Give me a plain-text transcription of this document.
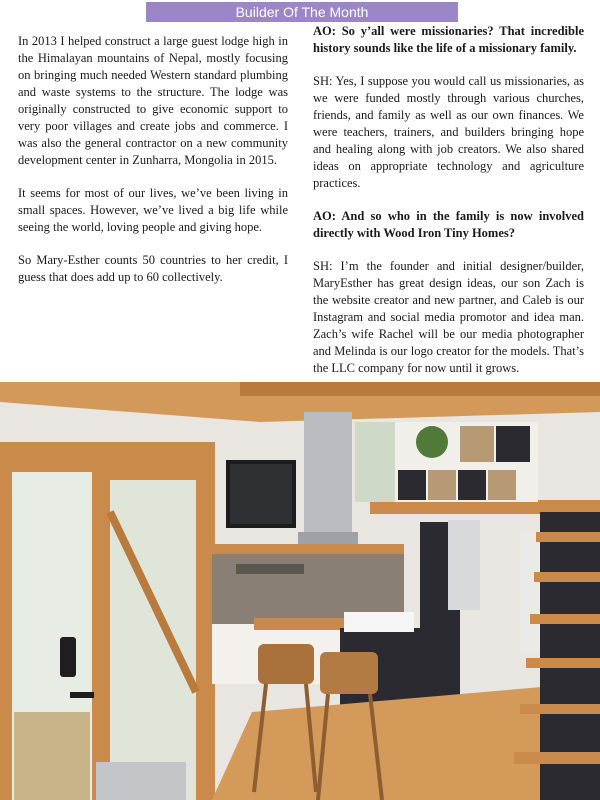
Builder Of The Month

In 2013 I helped construct a large guest lodge high in the Himalayan mountains of Nepal, mostly focusing on bringing much needed Western standard plumbing and waste systems to the structure. The lodge was originally constructed to give economic support to very poor villages and create jobs and commerce. I was also the general contractor on a new community development center in Zunharra, Mongolia in 2015.

It seems for most of our lives, we’ve been living in small spaces. However, we’ve lived a big life while seeing the world, loving people and giving hope.

So Mary-Esther counts 50 countries to her credit, I guess that does add up to 60 collectively.

AO: So y’all were missionaries? That incredible history sounds like the life of a missionary family.

SH: Yes, I suppose you would call us missionaries, as we were funded mostly through various churches, friends, and family as well as our own finances. We were teachers, trainers, and builders bringing hope and healing along with job creators. We also shared ideas on appropriate technology and agriculture practices.

AO: And so who in the family is now involved directly with Wood Iron Tiny Homes?

SH: I’m the founder and initial designer/builder, MaryEsther has great design ideas, our son Zach is the website creator and new partner, and Caleb is our Instagram and social media promotor and idea man. Zach’s wife Rachel will be our media photographer and Melinda is our logo creator for the models. That’s the LLC company for now until it grows.
